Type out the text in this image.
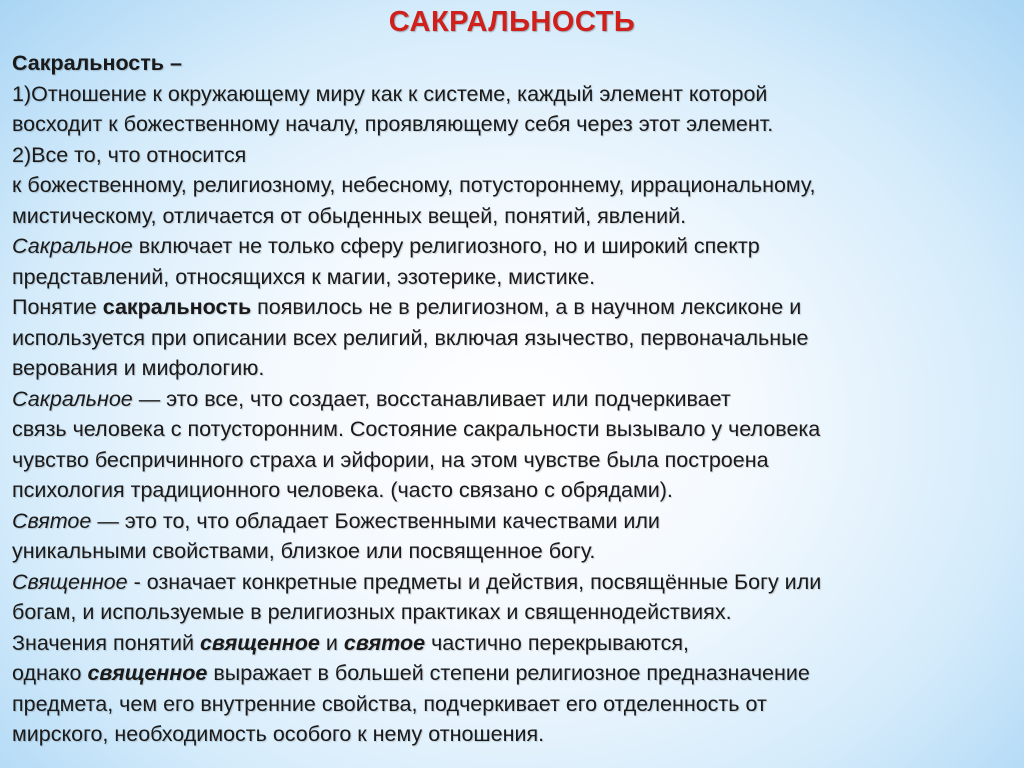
САКРАЛЬНОСТЬ
Сакральность –
1)Отношение к окружающему миру как к системе, каждый элемент которой
восходит к божественному началу, проявляющему себя через этот элемент.
2)Все то, что относится
к божественному, религиозному, небесному, потустороннему, иррациональному,
мистическому, отличается от обыденных вещей, понятий, явлений.
Сакральное включает не только сферу религиозного, но и широкий спектр
представлений, относящихся к магии, эзотерике, мистике.
Понятие сакральность появилось не в религиозном, а в научном лексиконе и
используется при описании всех религий, включая язычество, первоначальные
верования и мифологию.
Сакральное — это все, что создает, восстанавливает или подчеркивает
связь человека с потусторонним. Состояние сакральности вызывало у человека
чувство беспричинного страха и эйфории, на этом чувстве была построена
психология традиционного человека. (часто связано с обрядами).
Святое — это то, что обладает Божественными качествами или
уникальными свойствами, близкое или посвященное богу.
Священное - означает конкретные предметы и действия, посвящённые Богу или
богам, и используемые в религиозных практиках и священнодействиях.
Значения понятий священное и святое частично перекрываются,
однако священное выражает в большей степени религиозное предназначение
предмета, чем его внутренние свойства, подчеркивает его отделенность от
мирского, необходимость особого к нему отношения.
